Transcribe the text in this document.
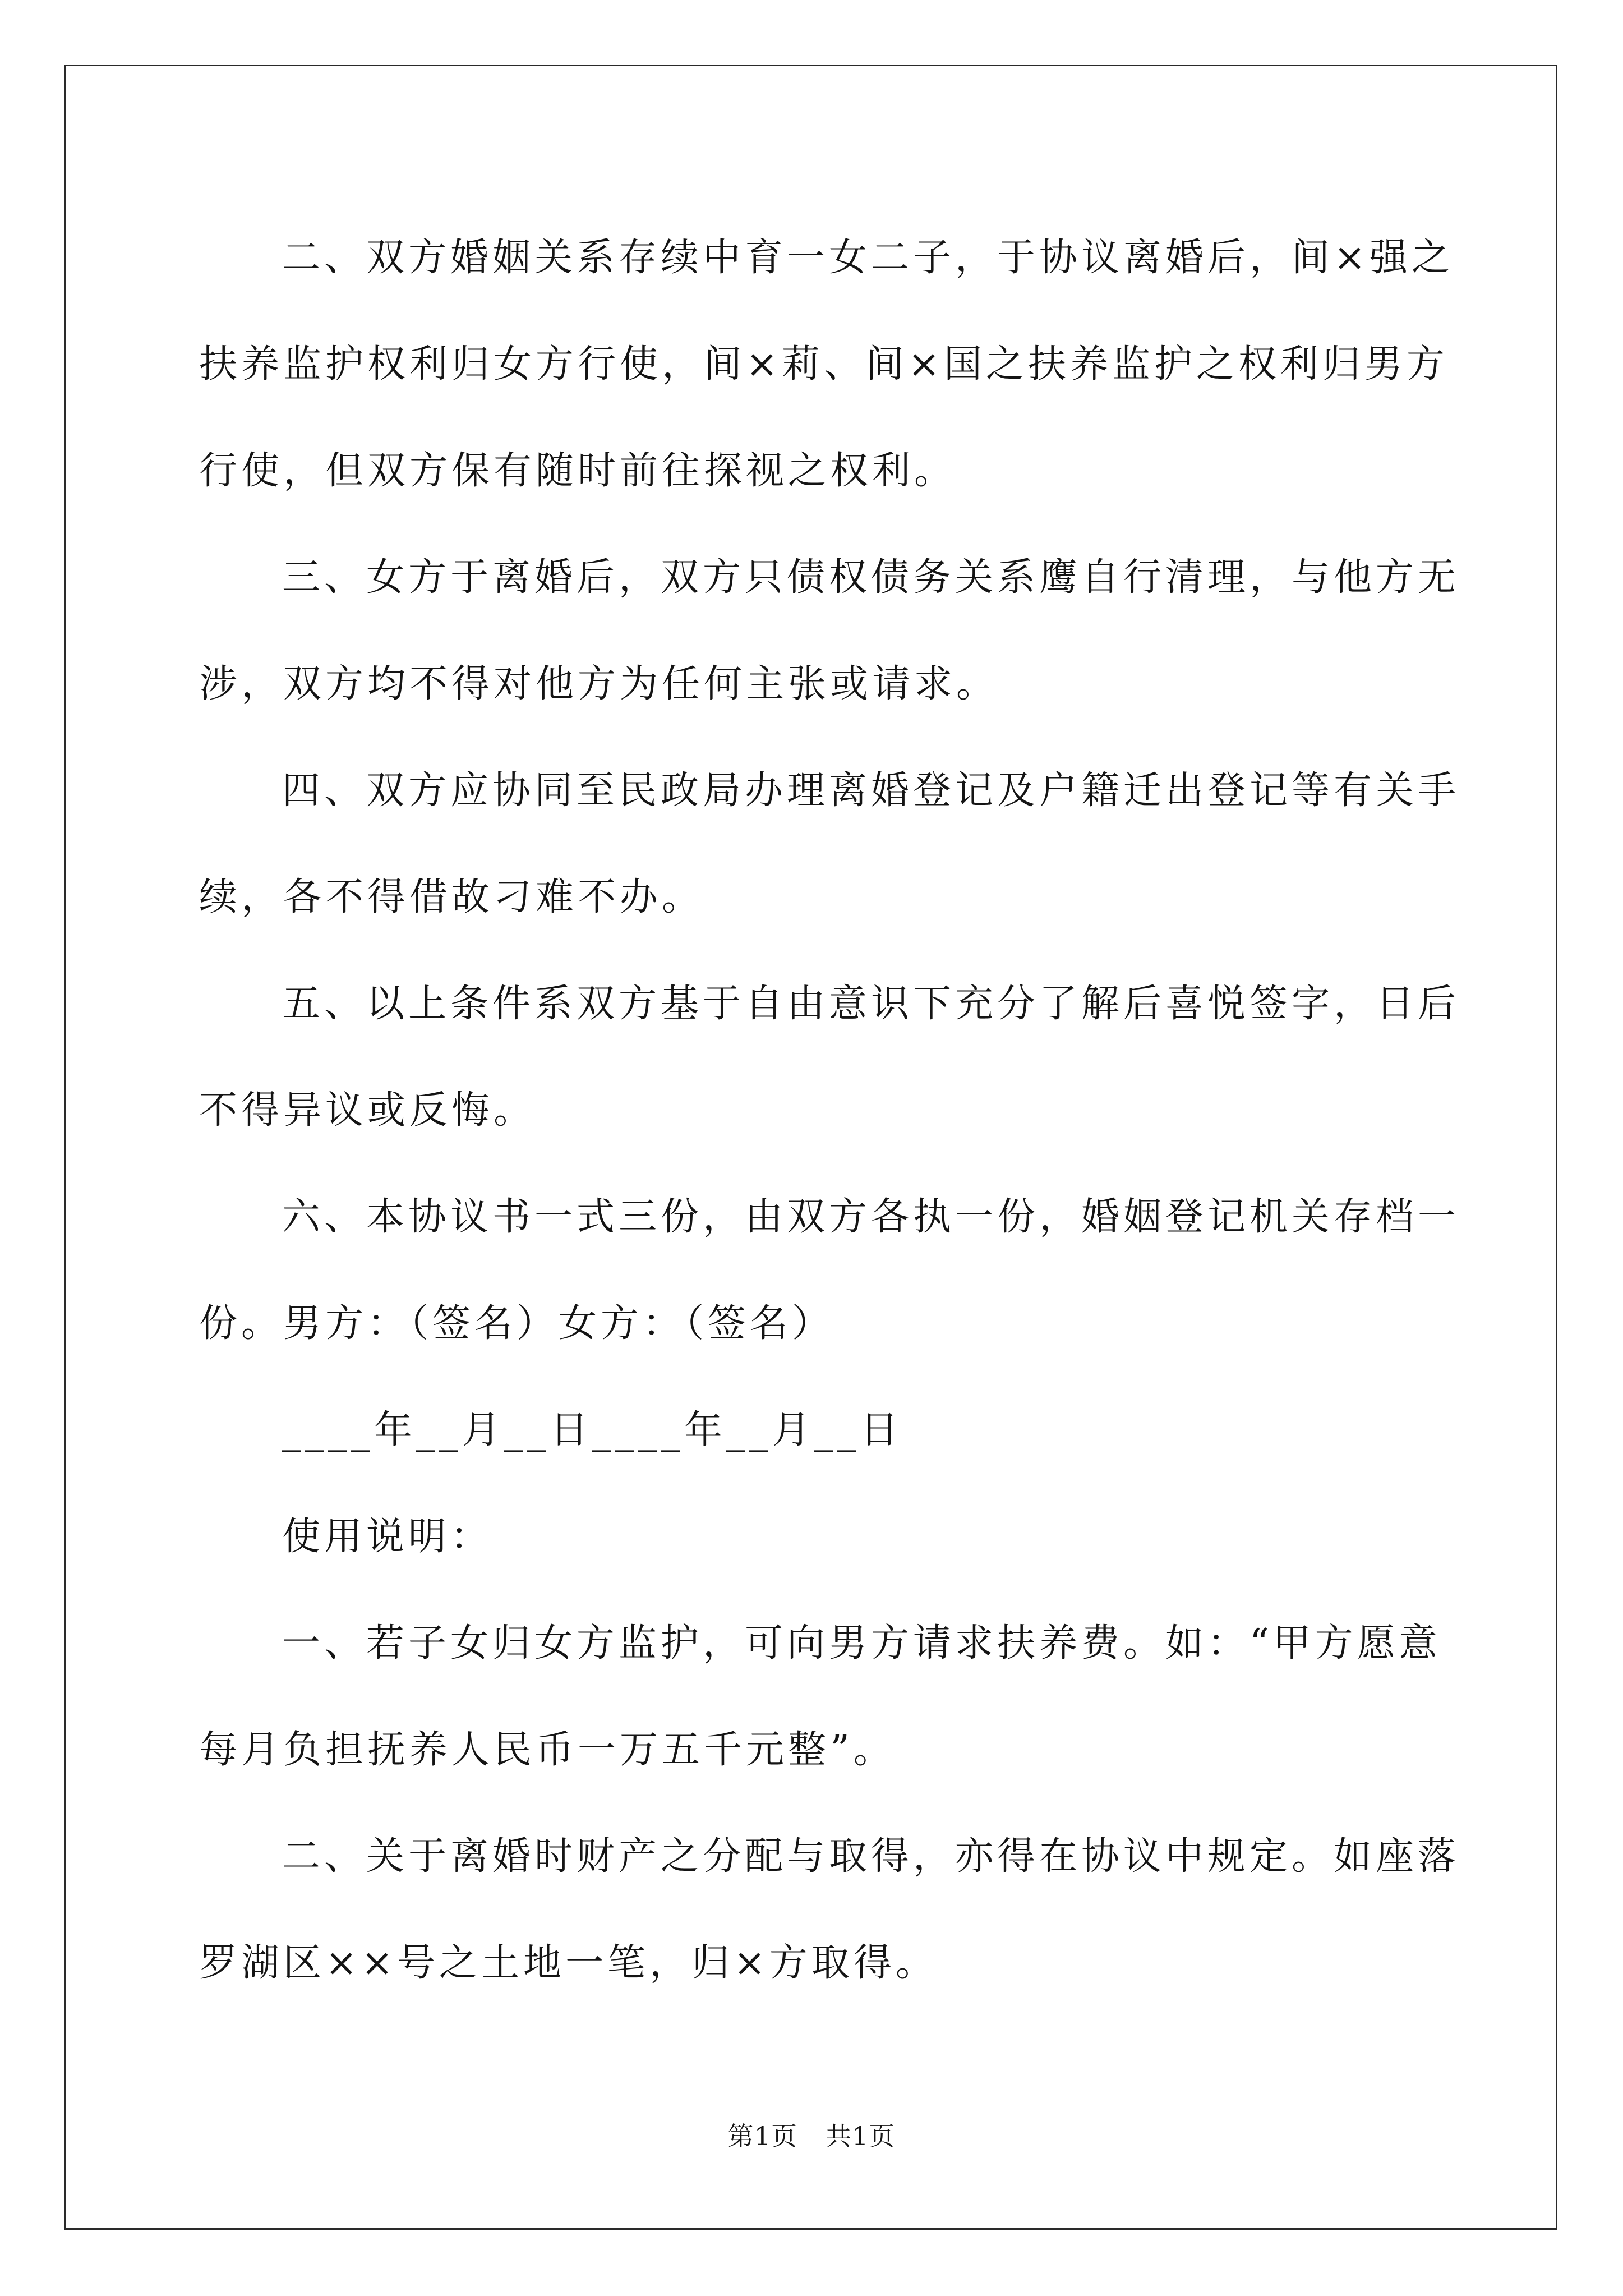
二、双方婚姻关系存续中育一女二子，于协议离婚后，间×强之
扶养监护权利归女方行使，间×莉、间×国之扶养监护之权利归男方
行使，但双方保有随时前往探视之权利。
三、女方于离婚后，双方只债权债务关系鹰自行清理，与他方无
涉，双方均不得对他方为任何主张或请求。
四、双方应协同至民政局办理离婚登记及户籍迁出登记等有关手
续，各不得借故刁难不办。
五、以上条件系双方基于自由意识下充分了解后喜悦签字，日后
不得异议或反悔。
六、本协议书一式三份，由双方各执一份，婚姻登记机关存档一
份。男方：（签名）女方：（签名）
____年__月__日____年__月__日
使用说明：
一、若子女归女方监护，可向男方请求扶养费。如：“甲方愿意
每月负担抚养人民币一万五千元整”。
二、关于离婚时财产之分配与取得，亦得在协议中规定。如座落
罗湖区××号之土地一笔，归×方取得。
第1页 共1页
